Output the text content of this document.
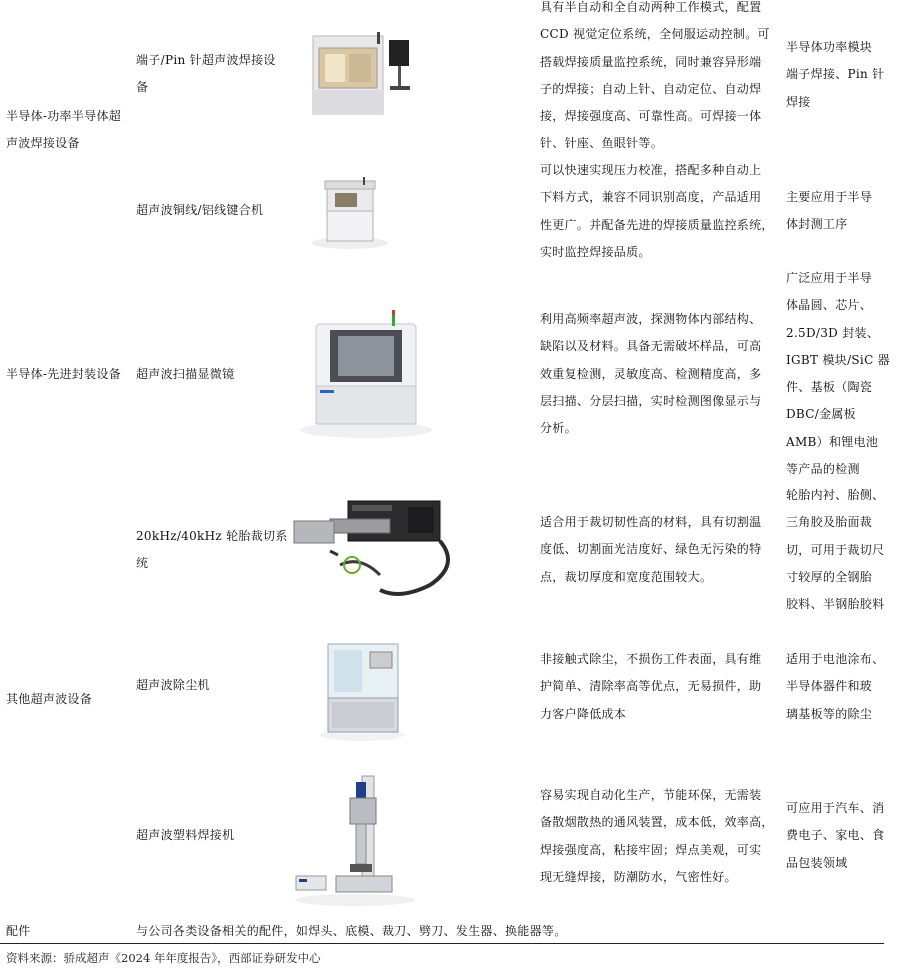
半导体-功率半导体超
声波焊接设备
端子/Pin 针超声波焊接设
备
具有半自动和全自动两种工作模式，配置
CCD 视觉定位系统，全伺服运动控制。可
搭载焊接质量监控系统，同时兼容异形端
子的焊接；自动上针、自动定位、自动焊
接，焊接强度高、可靠性高。可焊接一体
针、针座、鱼眼针等。
半导体功率模块
端子焊接、Pin 针
焊接
超声波铜线/铝线键合机
可以快速实现压力校准，搭配多种自动上
下料方式，兼容不同识别高度，产品适用
性更广。并配备先进的焊接质量监控系统，
实时监控焊接品质。
主要应用于半导
体封测工序
半导体-先进封装设备 超声波扫描显微镜
利用高频率超声波，探测物体内部结构、
缺陷以及材料。具备无需破坏样品，可高
效重复检测，灵敏度高、检测精度高，多
层扫描、分层扫描，实时检测图像显示与
分析。
广泛应用于半导
体晶圆、芯片、
2.5D/3D 封装、
IGBT 模块/SiC 器
件、基板（陶瓷
DBC/金属板
AMB）和锂电池
等产品的检测
其他超声波设备
20kHz/40kHz 轮胎裁切系
统
适合用于裁切韧性高的材料，具有切割温
度低、切割面光洁度好、绿色无污染的特
点，裁切厚度和宽度范围较大。
轮胎内衬、胎侧、
三角胶及胎面裁
切，可用于裁切尺
寸较厚的全钢胎
胶料、半钢胎胶料
超声波除尘机
非接触式除尘，不损伤工件表面，具有维
护简单、清除率高等优点，无易损件，助
力客户降低成本
适用于电池涂布、
半导体器件和玻
璃基板等的除尘
超声波塑料焊接机
容易实现自动化生产，节能环保，无需装
备散烟散热的通风装置，成本低，效率高，
焊接强度高，粘接牢固；焊点美观，可实
现无缝焊接，防潮防水，气密性好。
可应用于汽车、消
费电子、家电、食
品包装领域
配件	与公司各类设备相关的配件，如焊头、底模、裁刀、劈刀、发生器、换能器等。
资料来源：骄成超声《2024 年年度报告》，西部证券研发中心
